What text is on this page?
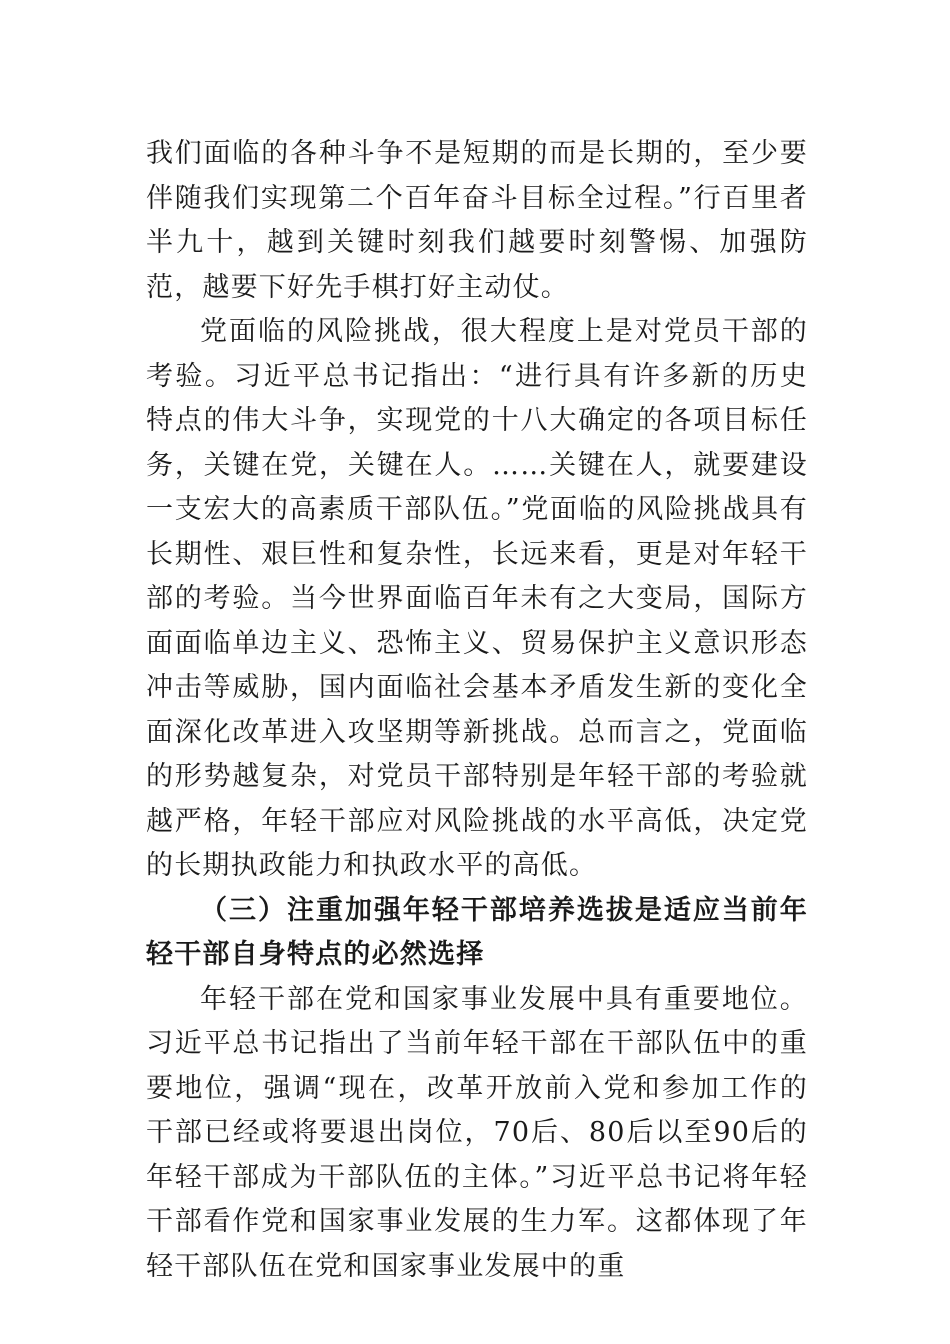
我们面临的各种斗争不是短期的而是长期的，至少要伴随我们实现第二个百年奋斗目标全过程。”行百里者半九十，越到关键时刻我们越要时刻警惕、加强防范，越要下好先手棋打好主动仗。

党面临的风险挑战，很大程度上是对党员干部的考验。习近平总书记指出：“进行具有许多新的历史特点的伟大斗争，实现党的十八大确定的各项目标任务，关键在党，关键在人。……关键在人，就要建设一支宏大的高素质干部队伍。”党面临的风险挑战具有长期性、艰巨性和复杂性，长远来看，更是对年轻干部的考验。当今世界面临百年未有之大变局，国际方面面临单边主义、恐怖主义、贸易保护主义意识形态冲击等威胁，国内面临社会基本矛盾发生新的变化全面深化改革进入攻坚期等新挑战。总而言之，党面临的形势越复杂，对党员干部特别是年轻干部的考验就越严格，年轻干部应对风险挑战的水平高低，决定党的长期执政能力和执政水平的高低。

（三）注重加强年轻干部培养选拔是适应当前年轻干部自身特点的必然选择

年轻干部在党和国家事业发展中具有重要地位。习近平总书记指出了当前年轻干部在干部队伍中的重要地位，强调“现在，改革开放前入党和参加工作的干部已经或将要退出岗位，70后、80后以至90后的年轻干部成为干部队伍的主体。”习近平总书记将年轻干部看作党和国家事业发展的生力军。这都体现了年轻干部队伍在党和国家事业发展中的重
